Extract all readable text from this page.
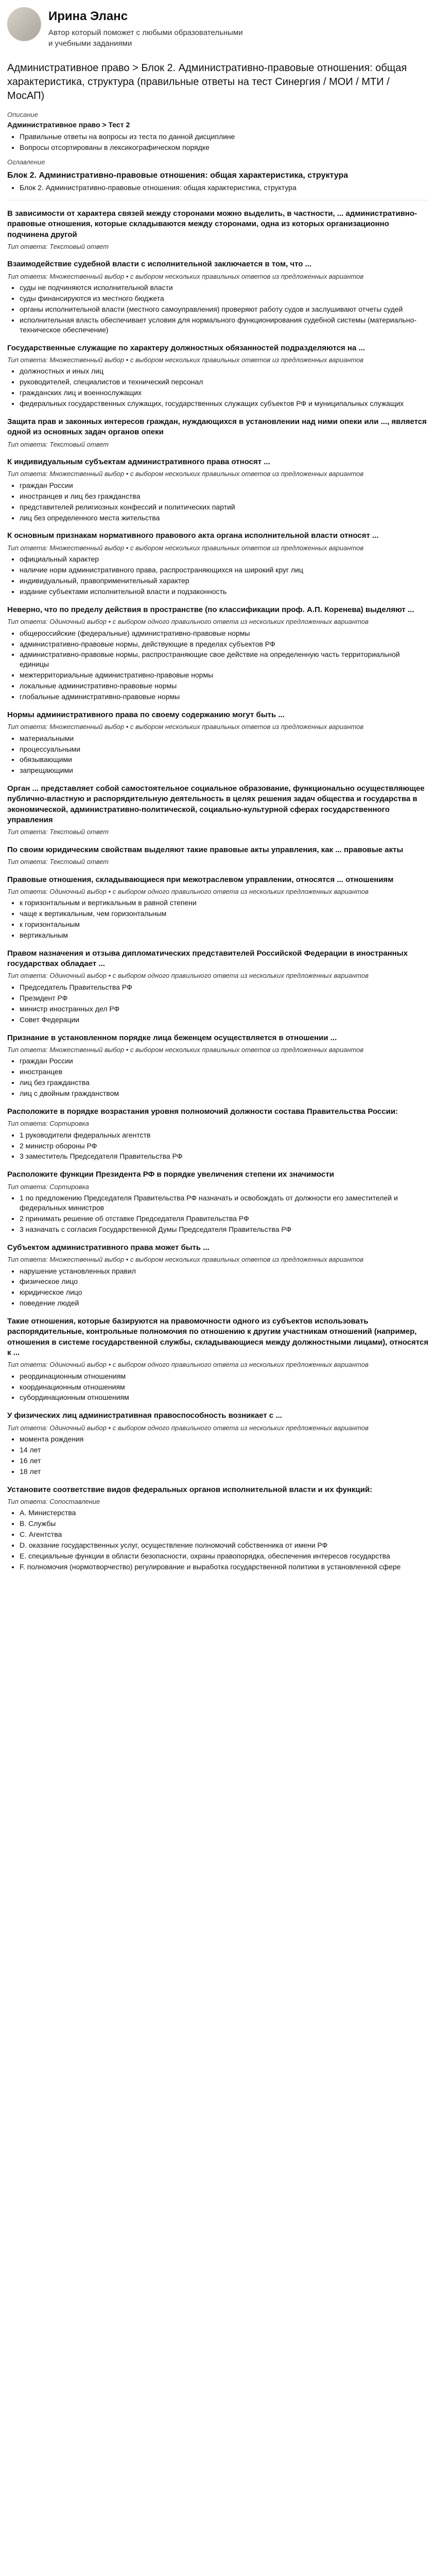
Ирина Эланс
Автор который поможет с любыми образовательными и учебными заданиями
Административное право > Блок 2. Административно-правовые отношения: общая характеристика, структура (правильные ответы на тест Синергия / МОИ / МТИ / МосАП)
Описание
Административное право > Тест 2
• Правильные ответы на вопросы из теста по данной дисциплине
• Вопросы отсортированы в лексикографическом порядке
Оглавление
Блок 2. Административно-правовые отношения: общая характеристика, структура
• Блок 2. Административно-правовые отношения: общая характеристика, структура
В зависимости от характера связей между сторонами можно выделить, в частности, ... административно-правовые отношения, которые складываются между сторонами, одна из которых организационно подчинена другой
Тип ответа: Текстовый ответ
Взаимодействие судебной власти с исполнительной заключается в том, что ...
Тип ответа: Множественный выбор • с выбором нескольких правильных ответов из предложенных вариантов
• суды не подчиняются исполнительной власти
• суды финансируются из местного бюджета
• органы исполнительной власти (местного самоуправления) проверяют работу судов и заслушивают отчеты судей
• исполнительная власть обеспечивает условия для нормального функционирования судебной системы (материально-техническое обеспечение)
Государственные служащие по характеру должностных обязанностей подразделяются на ...
Тип ответа: Множественный выбор • с выбором нескольких правильных ответов из предложенных вариантов
• должностных и иных лиц
• руководителей, специалистов и технический персонал
• гражданских лиц и военнослужащих
• федеральных государственных служащих, государственных служащих субъектов РФ и муниципальных служащих
Защита прав и законных интересов граждан, нуждающихся в установлении над ними опеки или ..., является одной из основных задач органов опеки
Тип ответа: Текстовый ответ
К индивидуальным субъектам административного права относят ...
Тип ответа: Множественный выбор • с выбором нескольких правильных ответов из предложенных вариантов
• граждан России
• иностранцев и лиц без гражданства
• представителей религиозных конфессий и политических партий
• лиц без определенного места жительства
К основным признакам нормативного правового акта органа исполнительной власти относят ...
Тип ответа: Множественный выбор • с выбором нескольких правильных ответов из предложенных вариантов
• официальный характер
• наличие норм административного права, распространяющихся на широкий круг лиц
• индивидуальный, правоприменительный характер
• издание субъектами исполнительной власти и подзаконность
Неверно, что по пределу действия в пространстве (по классификации проф. А.П. Коренева) выделяют ...
Тип ответа: Одиночный выбор • с выбором одного правильного ответа из нескольких предложенных вариантов
• общероссийские (федеральные) административно-правовые нормы
• административно-правовые нормы, действующие в пределах субъектов РФ
• административно-правовые нормы, распространяющие свое действие на определенную часть территориальной единицы
• межтерриториальные административно-правовые нормы
• локальные административно-правовые нормы
• глобальные административно-правовые нормы
Нормы административного права по своему содержанию могут быть ...
Тип ответа: Множественный выбор • с выбором нескольких правильных ответов из предложенных вариантов
• материальными
• процессуальными
• обязывающими
• запрещающими
Орган ... представляет собой самостоятельное социальное образование, функционально осуществляющее публично-властную и распорядительную деятельность в целях решения задач общества и государства в экономической, административно-политической, социально-культурной сферах государственного управления
Тип ответа: Текстовый ответ
По своим юридическим свойствам выделяют такие правовые акты управления, как ... правовые акты
Тип ответа: Текстовый ответ
Правовые отношения, складывающиеся при межотраслевом управлении, относятся ... отношениям
Тип ответа: Одиночный выбор • с выбором одного правильного ответа из нескольких предложенных вариантов
• к горизонтальным и вертикальным в равной степени
• чаще к вертикальным, чем горизонтальным
• к горизонтальным
• вертикальным
Правом назначения и отзыва дипломатических представителей Российской Федерации в иностранных государствах обладает ...
Тип ответа: Одиночный выбор • с выбором одного правильного ответа из нескольких предложенных вариантов
• Председатель Правительства РФ
• Президент РФ
• министр иностранных дел РФ
• Совет Федерации
Признание в установленном порядке лица беженцем осуществляется в отношении ...
Тип ответа: Множественный выбор • с выбором нескольких правильных ответов из предложенных вариантов
• граждан России
• иностранцев
• лиц без гражданства
• лиц с двойным гражданством
Расположите в порядке возрастания уровня полномочий должности состава Правительства России:
Тип ответа: Сортировка
• 1 руководители федеральных агентств
• 2 министр обороны РФ
• 3 заместитель Председателя Правительства РФ
Расположите функции Президента РФ в порядке увеличения степени их значимости
Тип ответа: Сортировка
• 1 по предложению Председателя Правительства РФ назначать и освобождать от должности его заместителей и федеральных министров
• 2 принимать решение об отставке Председателя Правительства РФ
• 3 назначать с согласия Государственной Думы Председателя Правительства РФ
Субъектом административного права может быть ...
Тип ответа: Множественный выбор • с выбором нескольких правильных ответов из предложенных вариантов
• нарушение установленных правил
• физическое лицо
• юридическое лицо
• поведение людей
Такие отношения, которые базируются на правомочности одного из субъектов использовать распорядительные, контрольные полномочия по отношению к другим участникам отношений (например, отношения в системе государственной службы, складывающиеся между должностными лицами), относятся к ...
Тип ответа: Одиночный выбор • с выбором одного правильного ответа из нескольких предложенных вариантов
• реординационным отношениям
• координационным отношениям
• субординационным отношениям
У физических лиц административная правоспособность возникает с ...
Тип ответа: Одиночный выбор • с выбором одного правильного ответа из нескольких предложенных вариантов
• момента рождения
• 14 лет
• 16 лет
• 18 лет
Установите соответствие видов федеральных органов исполнительной власти и их функций:
Тип ответа: Сопоставление
• A. Министерства
• B. Службы
• C. Агентства
• D. оказание государственных услуг, осуществление полномочий собственника от имени РФ
• E. специальные функции в области безопасности, охраны правопорядка, обеспечения интересов государства
• F. полномочия (нормотворчество) регулирование и выработка государственной политики в установленной сфере
